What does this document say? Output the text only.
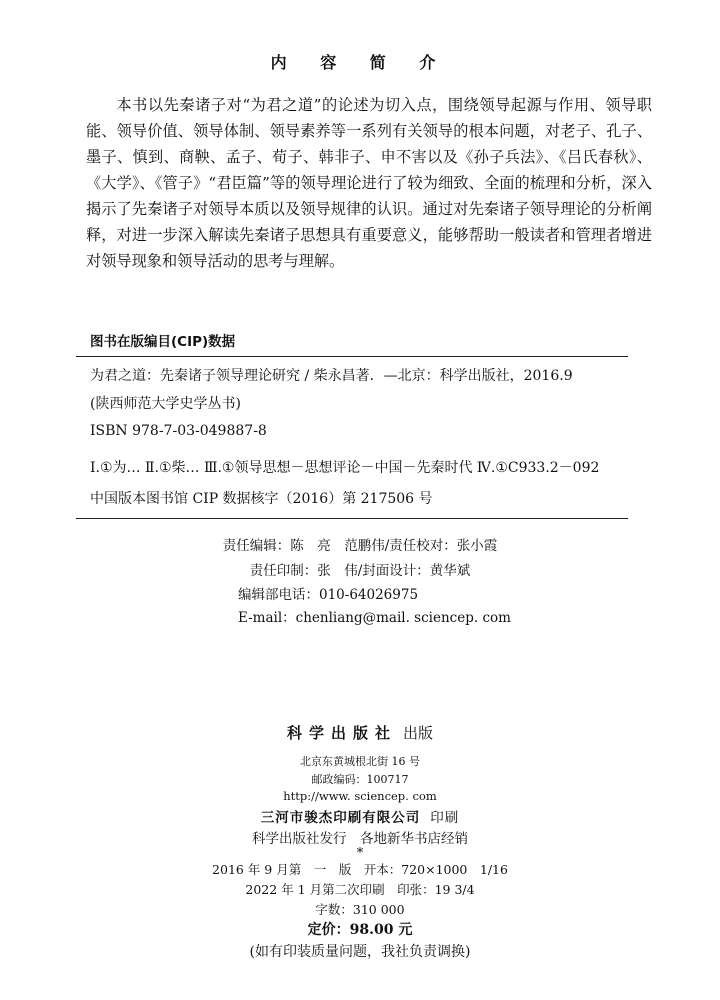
内 容 简 介

本书以先秦诸子对“为君之道”的论述为切入点，围绕领导起源与作用、领导职能、领导价值、领导体制、领导素养等一系列有关领导的根本问题，对老子、孔子、墨子、慎到、商鞅、孟子、荀子、韩非子、申不害以及《孙子兵法》、《吕氏春秋》、《大学》、《管子》“君臣篇”等的领导理论进行了较为细致、全面的梳理和分析，深入揭示了先秦诸子对领导本质以及领导规律的认识。通过对先秦诸子领导理论的分析阐释，对进一步深入解读先秦诸子思想具有重要意义，能够帮助一般读者和管理者增进对领导现象和领导活动的思考与理解。

图书在版编目(CIP)数据
为君之道：先秦诸子领导理论研究 / 柴永昌著．—北京：科学出版社，2016.9
(陕西师范大学史学丛书)
ISBN 978-7-03-049887-8
Ⅰ.①为… Ⅱ.①柴… Ⅲ.①领导思想－思想评论－中国－先秦时代 Ⅳ.①C933.2－092
中国版本图书馆 CIP 数据核字（2016）第 217506 号
责任编辑：陈　亮　范鹏伟/责任校对：张小霞
责任印制：张　伟/封面设计：黄华斌
编辑部电话：010-64026975
E-mail：chenliang@mail. sciencep. com
科学出版社 出版
北京东黄城根北街 16 号
邮政编码：100717
http://www. sciencep. com
三河市骏杰印刷有限公司 印刷
科学出版社发行　各地新华书店经销
*
2016 年 9 月第　一　版　开本：720×1000　1/16
2022 年 1 月第二次印刷　印张：19 3/4
字数：310 000
定价：98.00 元
(如有印装质量问题，我社负责调换)
